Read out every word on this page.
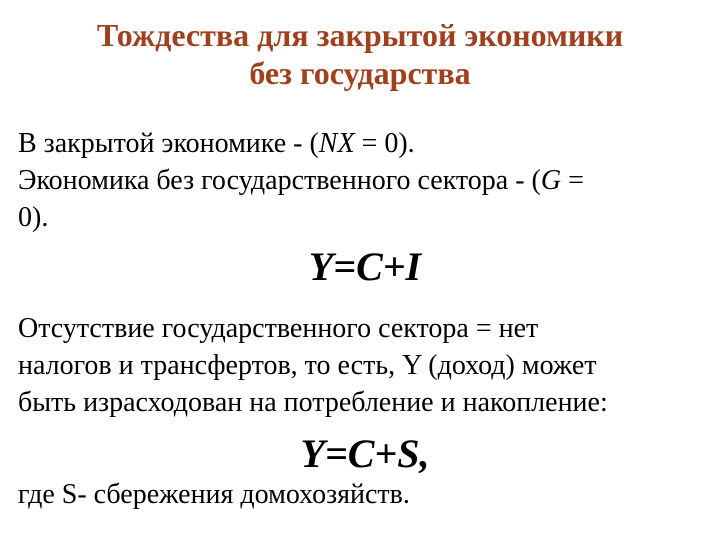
Тождества для закрытой экономики
без государства
В закрытой экономике - (NX = 0).
Экономика без государственного сектора - (G =
0).
Y=C+I
Отсутствие государственного сектора = нет
налогов и трансфертов, то есть, Y (доход) может
быть израсходован на потребление и накопление:
Y=C+S,
где S- сбережения домохозяйств.
